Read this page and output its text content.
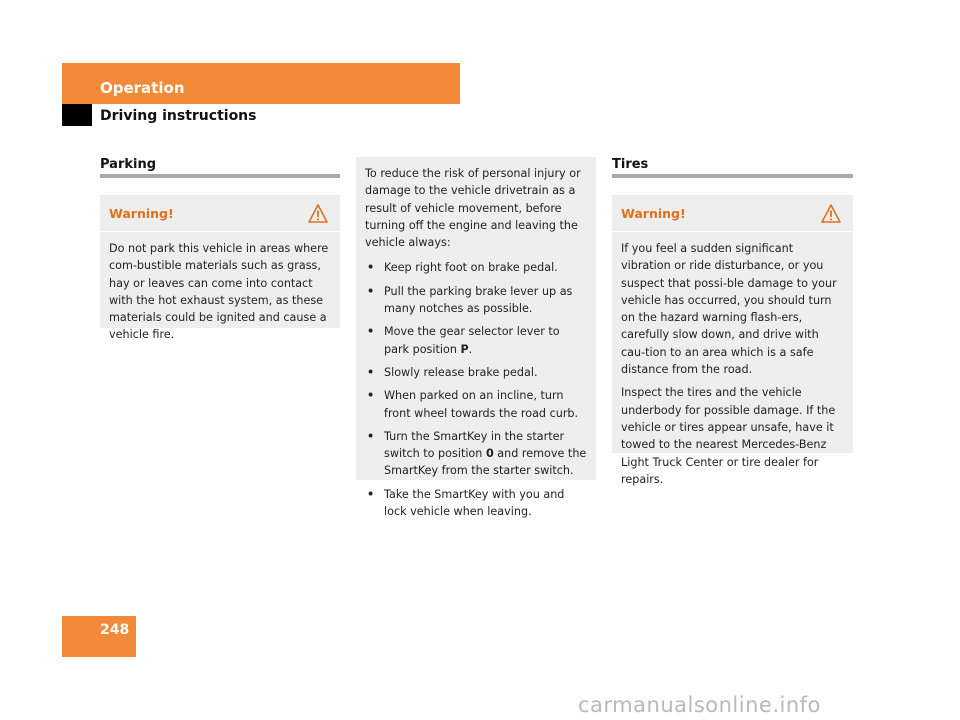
Operation
Driving instructions
Parking
Warning!

Do not park this vehicle in areas where com-bustible materials such as grass, hay or leaves can come into contact with the hot exhaust system, as these materials could be ignited and cause a vehicle fire.

To reduce the risk of personal injury or damage to the vehicle drivetrain as a result of vehicle movement, before turning off the engine and leaving the vehicle always:

• Keep right foot on brake pedal.
• Pull the parking brake lever up as many notches as possible.
• Move the gear selector lever to park position P.
• Slowly release brake pedal.
• When parked on an incline, turn front wheel towards the road curb.
• Turn the SmartKey in the starter switch to position 0 and remove the SmartKey from the starter switch.
• Take the SmartKey with you and lock vehicle when leaving.
Tires
Warning!

If you feel a sudden significant vibration or ride disturbance, or you suspect that possi-ble damage to your vehicle has occurred, you should turn on the hazard warning flash-ers, carefully slow down, and drive with cau-tion to an area which is a safe distance from the road.

Inspect the tires and the vehicle underbody for possible damage. If the vehicle or tires appear unsafe, have it towed to the nearest Mercedes-Benz Light Truck Center or tire dealer for repairs.

248
carmanualsonline.info
